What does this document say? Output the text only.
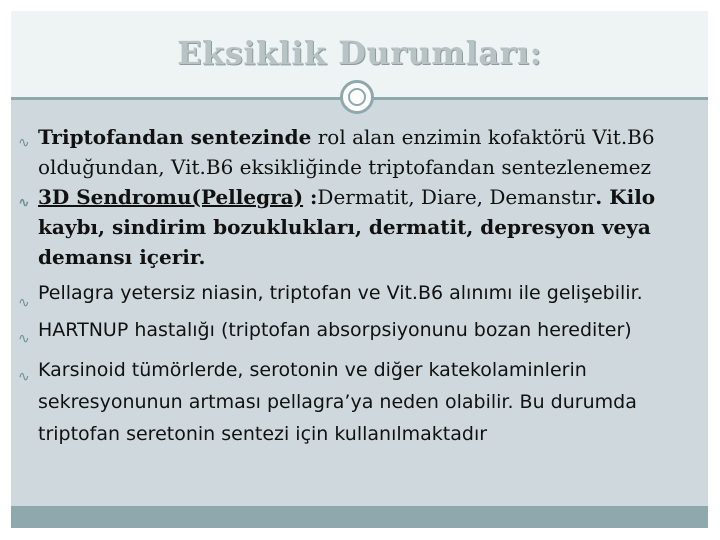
Eksiklik Durumları:
∿ Triptofandan sentezinde rol alan enzimin kofaktörü Vit.B6 olduğundan, Vit.B6 eksikliğinde triptofandan sentezlenemez
∿ 3D Sendromu(Pellegra) :Dermatit, Diare, Demanstır. Kilo kaybı, sindirim bozuklukları, dermatit, depresyon veya demansı içerir.
∿ Pellagra yetersiz niasin, triptofan ve Vit.B6 alınımı ile gelişebilir.
∿ HARTNUP hastalığı (triptofan absorpsiyonunu bozan herediter)
∿ Karsinoid tümörlerde, serotonin ve diğer katekolaminlerin sekresyonunun artması pellagra’ya neden olabilir. Bu durumda triptofan seretonin sentezi için kullanılmaktadır
